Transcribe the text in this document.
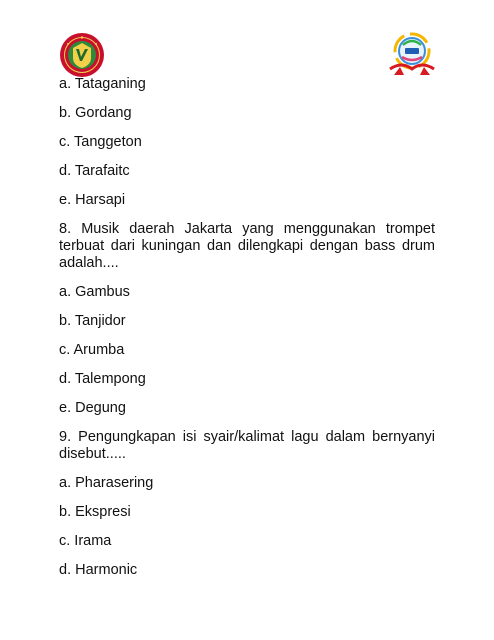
a. Tataganing
b. Gordang
c. Tanggeton
d. Tarafaitc
e. Harsapi
8. Musik daerah Jakarta yang menggunakan trompet terbuat dari kuningan dan dilengkapi dengan bass drum adalah....
a. Gambus
b. Tanjidor
c. Arumba
d. Talempong
e. Degung
9. Pengungkapan isi syair/kalimat lagu dalam bernyanyi disebut.....
a. Pharasering
b. Ekspresi
c. Irama
d. Harmonic
